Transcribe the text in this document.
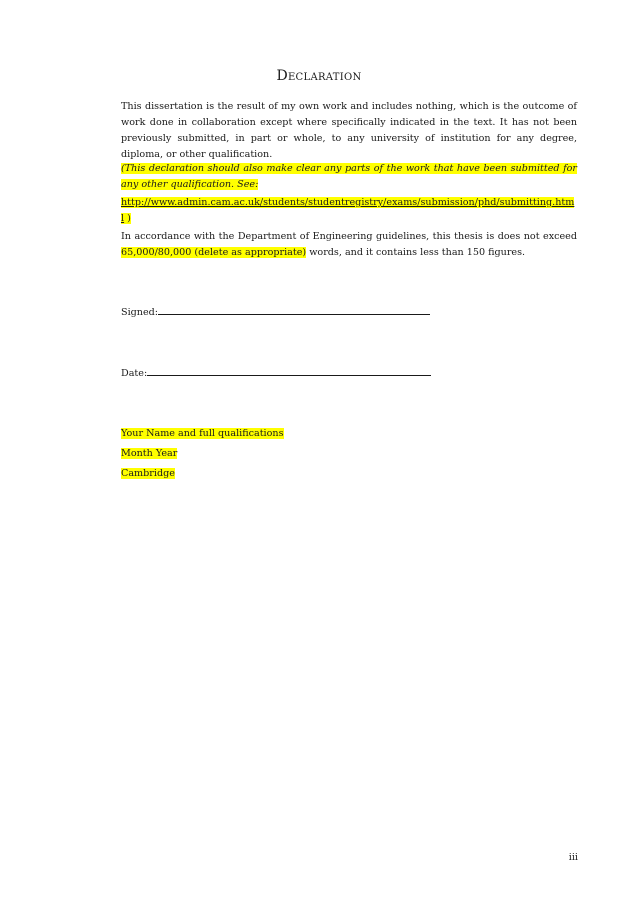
Declaration
This dissertation is the result of my own work and includes nothing, which is the outcome of work done in collaboration except where specifically indicated in the text. It has not been previously submitted, in part or whole, to any university of institution for any degree, diploma, or other qualification.
(This declaration should also make clear any parts of the work that have been submitted for any other qualification. See:
http://www.admin.cam.ac.uk/students/studentregistry/exams/submission/phd/submitting.html )
In accordance with the Department of Engineering guidelines, this thesis is does not exceed 65,000/80,000 (delete as appropriate) words, and it contains less than 150 figures.
Signed:
Date:
Your Name and full qualifications
Month Year
Cambridge
iii
